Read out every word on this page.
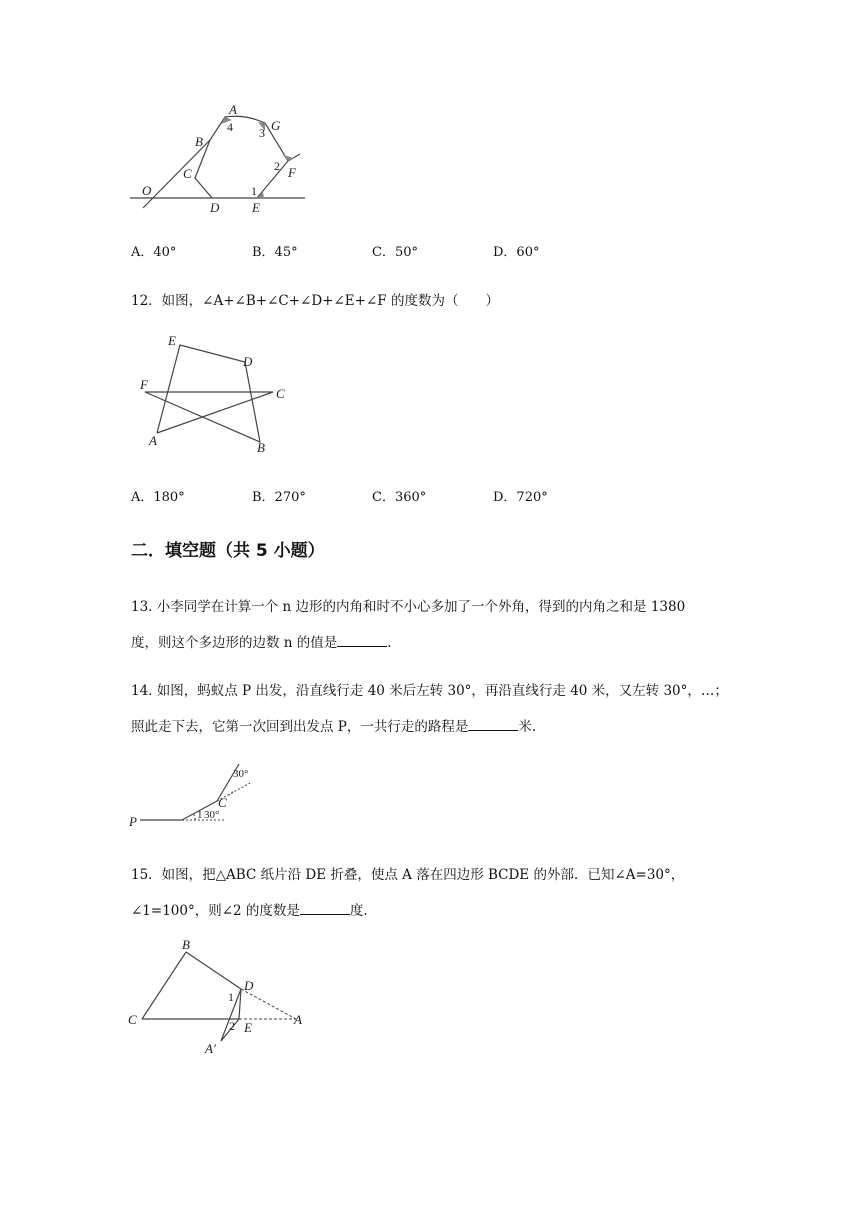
A
4 3 G
B
2 F
C
O	1
D	E
A．40°	B．45°	C．50°	D．60°
12．如图，∠A+∠B+∠C+∠D+∠E+∠F 的度数为（　　）
E
D
F
C
A	B
A．180°	B．270°	C．360°	D．720°
二．填空题（共 5 小题）
13. 小李同学在计算一个 n 边形的内角和时不小心多加了一个外角，得到的内角之和是 1380
度，则这个多边形的边数 n 的值是	.
14. 如图，蚂蚁点 P 出发，沿直线行走 40 米后左转 30°，再沿直线行走 40 米，又左转 30°，…；
照此走下去，它第一次回到出发点 P，一共行走的路程是	米.
P
30°
C
30°
1
15．如图，把△ABC 纸片沿 DE 折叠，使点 A 落在四边形 BCDE 的外部．已知∠A=30°，
∠1=100°，则∠2 的度数是	度.
B
D
1
C	2 E
A
A′
